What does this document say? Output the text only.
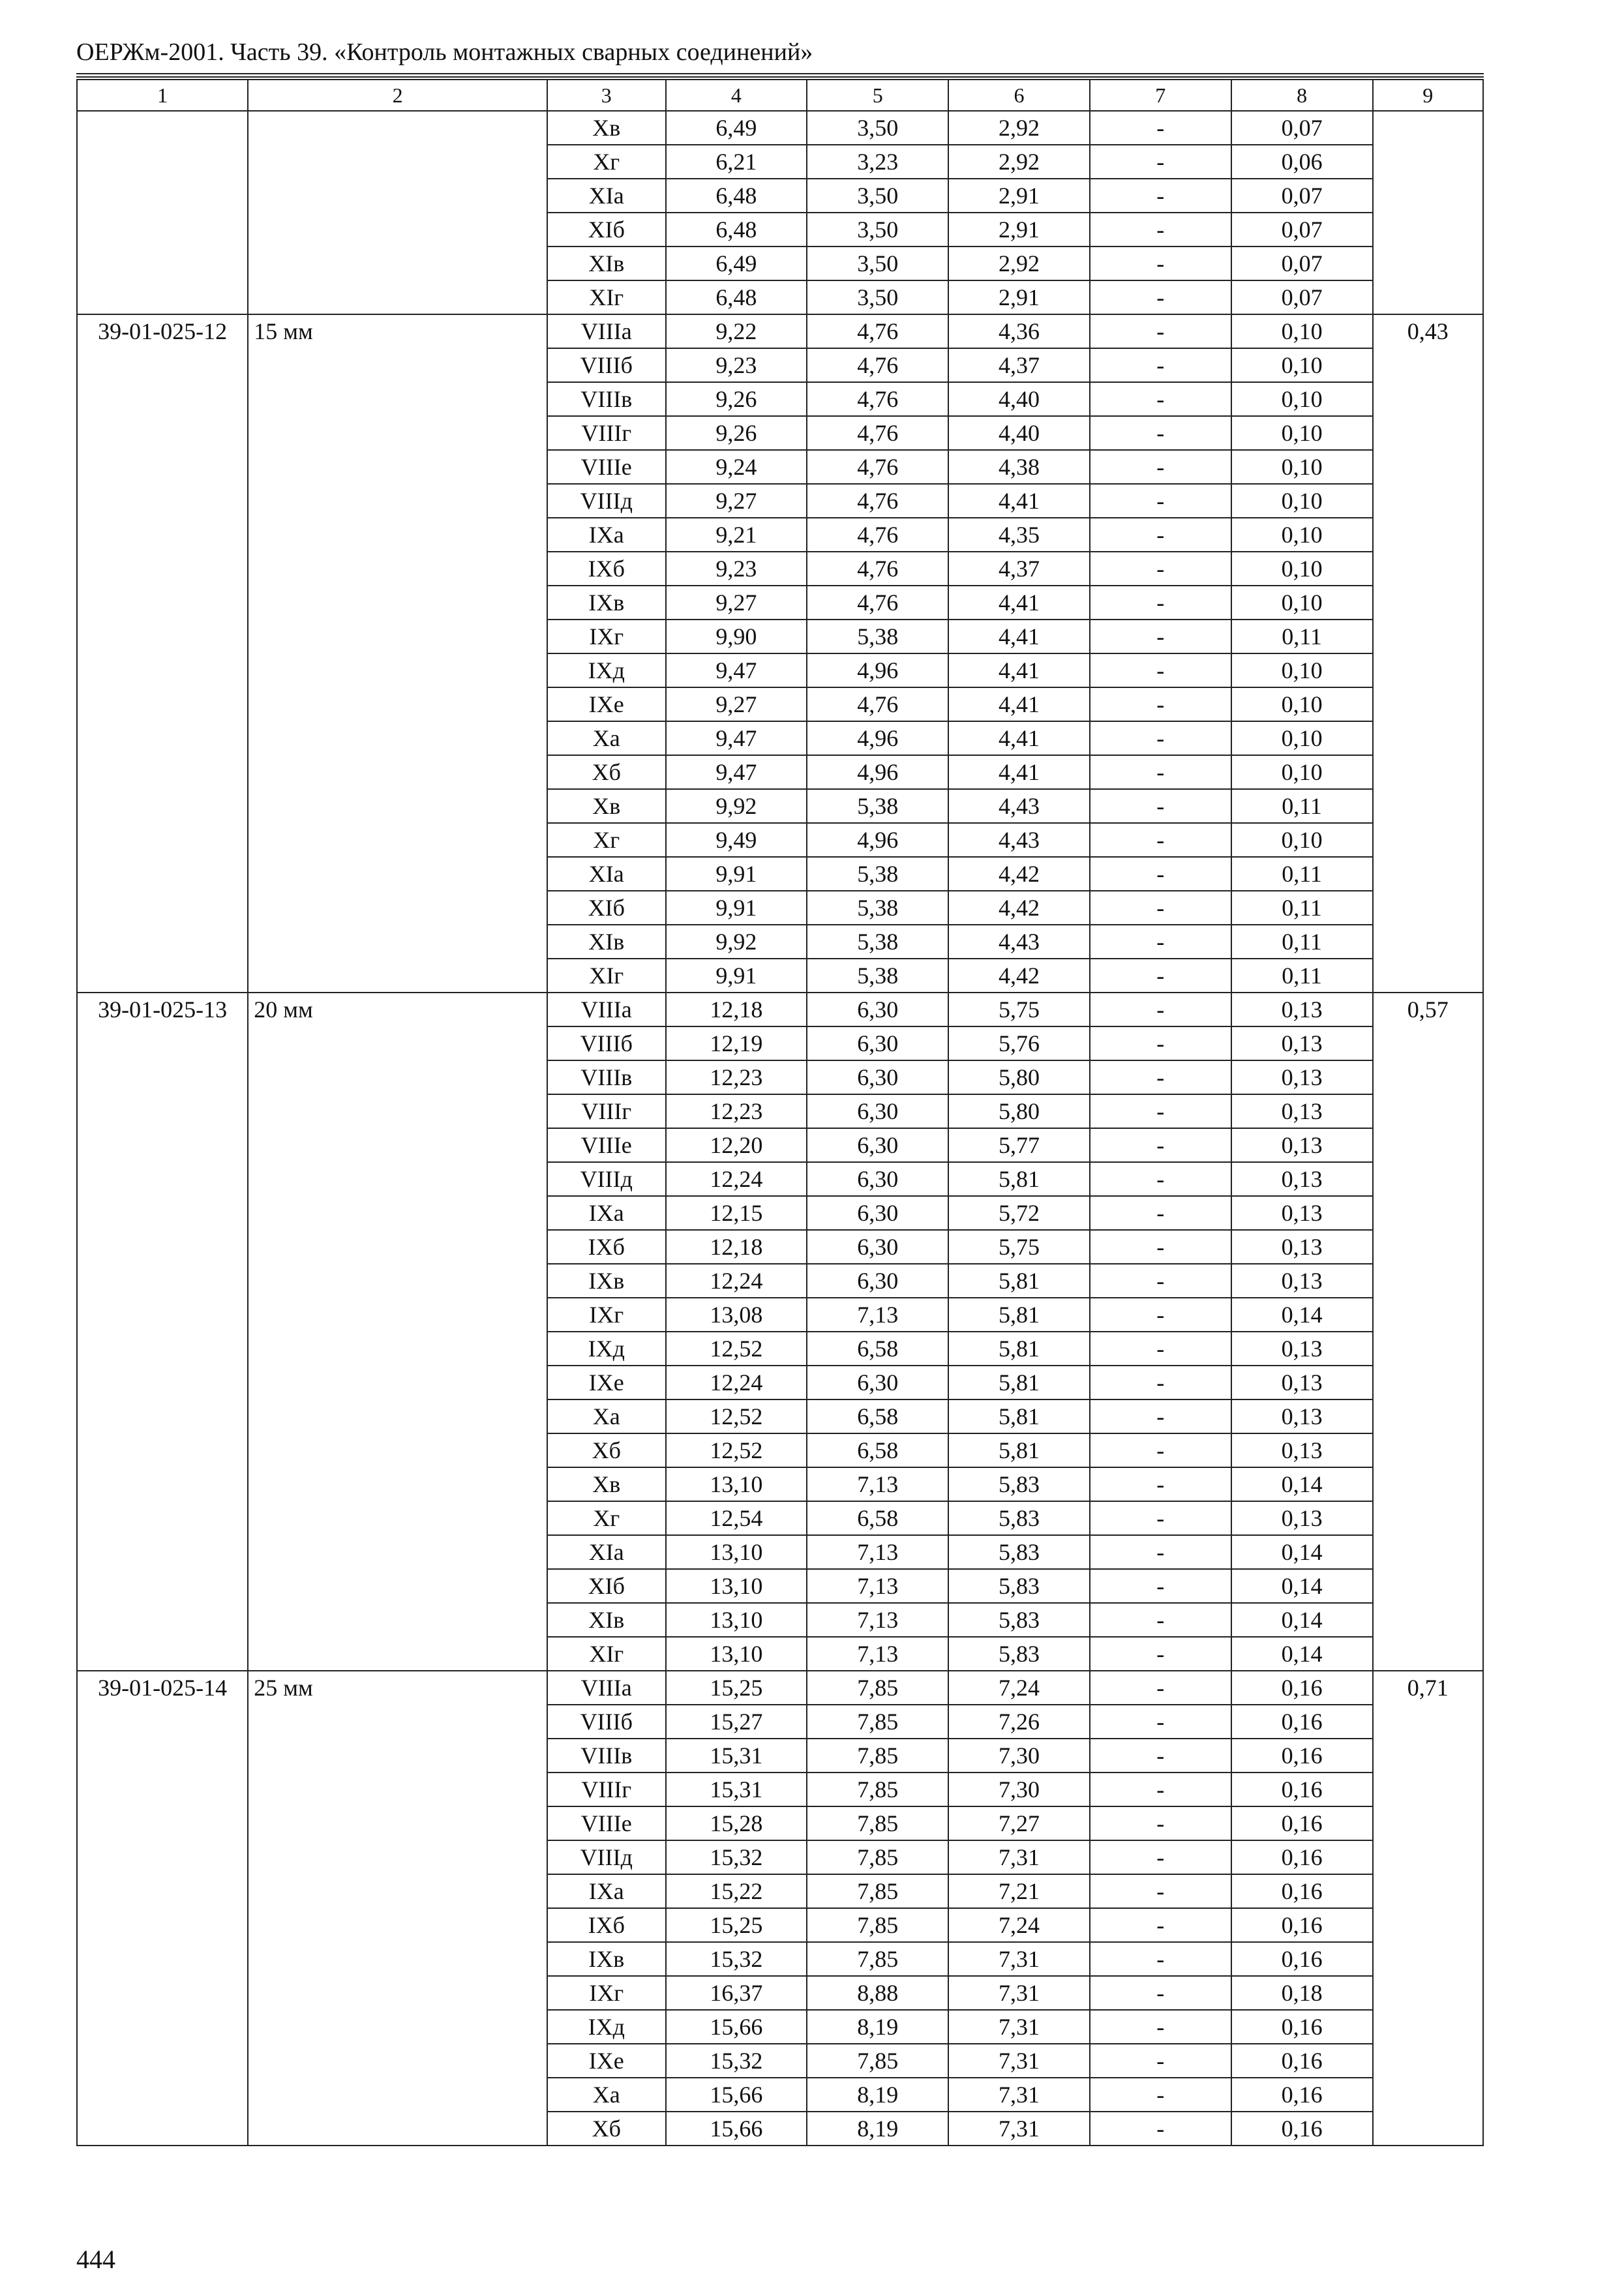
ОЕРЖм-2001. Часть 39. «Контроль монтажных сварных соединений»
1	2	3	4	5	6	7	8	9
		Хв	6,49	3,50	2,92	-	0,07	
		Хг	6,21	3,23	2,92	-	0,06	
		ХIа	6,48	3,50	2,91	-	0,07	
		ХIб	6,48	3,50	2,91	-	0,07	
		ХIв	6,49	3,50	2,92	-	0,07	
		ХIг	6,48	3,50	2,91	-	0,07	
39-01-025-12	15 мм	VIIIа	9,22	4,76	4,36	-	0,10	0,43
		VIIIб	9,23	4,76	4,37	-	0,10	
		VIIIв	9,26	4,76	4,40	-	0,10	
		VIIIг	9,26	4,76	4,40	-	0,10	
		VIIIе	9,24	4,76	4,38	-	0,10	
		VIIIд	9,27	4,76	4,41	-	0,10	
		IХа	9,21	4,76	4,35	-	0,10	
		IХб	9,23	4,76	4,37	-	0,10	
		IХв	9,27	4,76	4,41	-	0,10	
		IХг	9,90	5,38	4,41	-	0,11	
		IХд	9,47	4,96	4,41	-	0,10	
		IХе	9,27	4,76	4,41	-	0,10	
		Ха	9,47	4,96	4,41	-	0,10	
		Хб	9,47	4,96	4,41	-	0,10	
		Хв	9,92	5,38	4,43	-	0,11	
		Хг	9,49	4,96	4,43	-	0,10	
		ХIа	9,91	5,38	4,42	-	0,11	
		ХIб	9,91	5,38	4,42	-	0,11	
		ХIв	9,92	5,38	4,43	-	0,11	
		ХIг	9,91	5,38	4,42	-	0,11	
39-01-025-13	20 мм	VIIIа	12,18	6,30	5,75	-	0,13	0,57
		VIIIб	12,19	6,30	5,76	-	0,13	
		VIIIв	12,23	6,30	5,80	-	0,13	
		VIIIг	12,23	6,30	5,80	-	0,13	
		VIIIе	12,20	6,30	5,77	-	0,13	
		VIIIд	12,24	6,30	5,81	-	0,13	
		IХа	12,15	6,30	5,72	-	0,13	
		IХб	12,18	6,30	5,75	-	0,13	
		IХв	12,24	6,30	5,81	-	0,13	
		IХг	13,08	7,13	5,81	-	0,14	
		IХд	12,52	6,58	5,81	-	0,13	
		IХе	12,24	6,30	5,81	-	0,13	
		Ха	12,52	6,58	5,81	-	0,13	
		Хб	12,52	6,58	5,81	-	0,13	
		Хв	13,10	7,13	5,83	-	0,14	
		Хг	12,54	6,58	5,83	-	0,13	
		ХIа	13,10	7,13	5,83	-	0,14	
		ХIб	13,10	7,13	5,83	-	0,14	
		ХIв	13,10	7,13	5,83	-	0,14	
		ХIг	13,10	7,13	5,83	-	0,14	
39-01-025-14	25 мм	VIIIа	15,25	7,85	7,24	-	0,16	0,71
		VIIIб	15,27	7,85	7,26	-	0,16	
		VIIIв	15,31	7,85	7,30	-	0,16	
		VIIIг	15,31	7,85	7,30	-	0,16	
		VIIIе	15,28	7,85	7,27	-	0,16	
		VIIIд	15,32	7,85	7,31	-	0,16	
		IХа	15,22	7,85	7,21	-	0,16	
		IХб	15,25	7,85	7,24	-	0,16	
		IХв	15,32	7,85	7,31	-	0,16	
		IХг	16,37	8,88	7,31	-	0,18	
		IХд	15,66	8,19	7,31	-	0,16	
		IХе	15,32	7,85	7,31	-	0,16	
		Ха	15,66	8,19	7,31	-	0,16	
		Хб	15,66	8,19	7,31	-	0,16	
444
